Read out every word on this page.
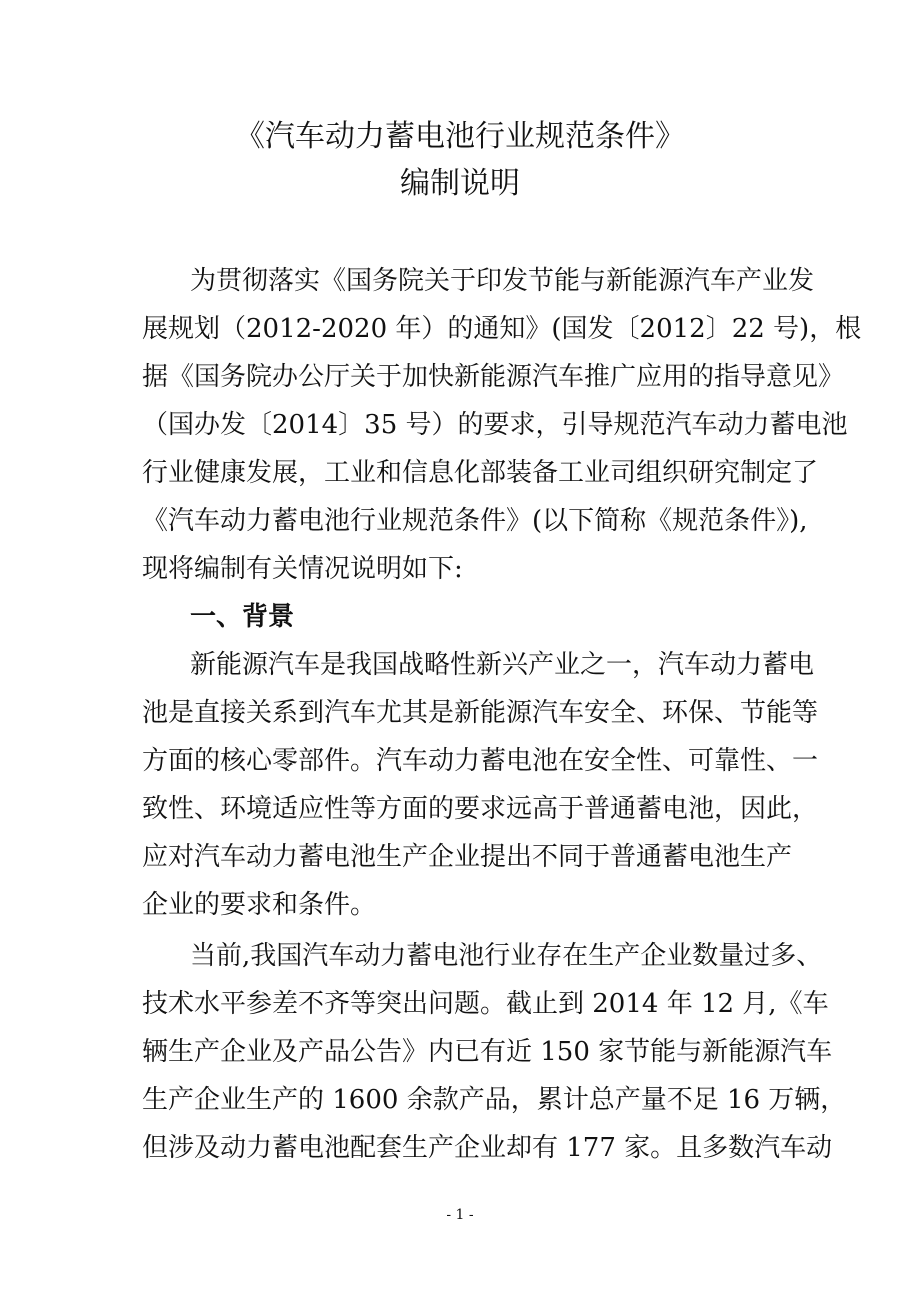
《汽车动力蓄电池行业规范条件》
编制说明
为贯彻落实《国务院关于印发节能与新能源汽车产业发
展规划（2012-2020 年）的通知》(国发〔2012〕22 号)，根
据《国务院办公厅关于加快新能源汽车推广应用的指导意见》
（国办发〔2014〕35 号）的要求，引导规范汽车动力蓄电池
行业健康发展，工业和信息化部装备工业司组织研究制定了
《汽车动力蓄电池行业规范条件》(以下简称《规范条件》),
现将编制有关情况说明如下:
一、背景
新能源汽车是我国战略性新兴产业之一，汽车动力蓄电
池是直接关系到汽车尤其是新能源汽车安全、环保、节能等
方面的核心零部件。汽车动力蓄电池在安全性、可靠性、一
致性、环境适应性等方面的要求远高于普通蓄电池，因此，
应对汽车动力蓄电池生产企业提出不同于普通蓄电池生产
企业的要求和条件。
当前,我国汽车动力蓄电池行业存在生产企业数量过多、
技术水平参差不齐等突出问题。截止到 2014 年 12 月,《车
辆生产企业及产品公告》内已有近 150 家节能与新能源汽车
生产企业生产的 1600 余款产品，累计总产量不足 16 万辆，
但涉及动力蓄电池配套生产企业却有 177 家。且多数汽车动
- 1 -
